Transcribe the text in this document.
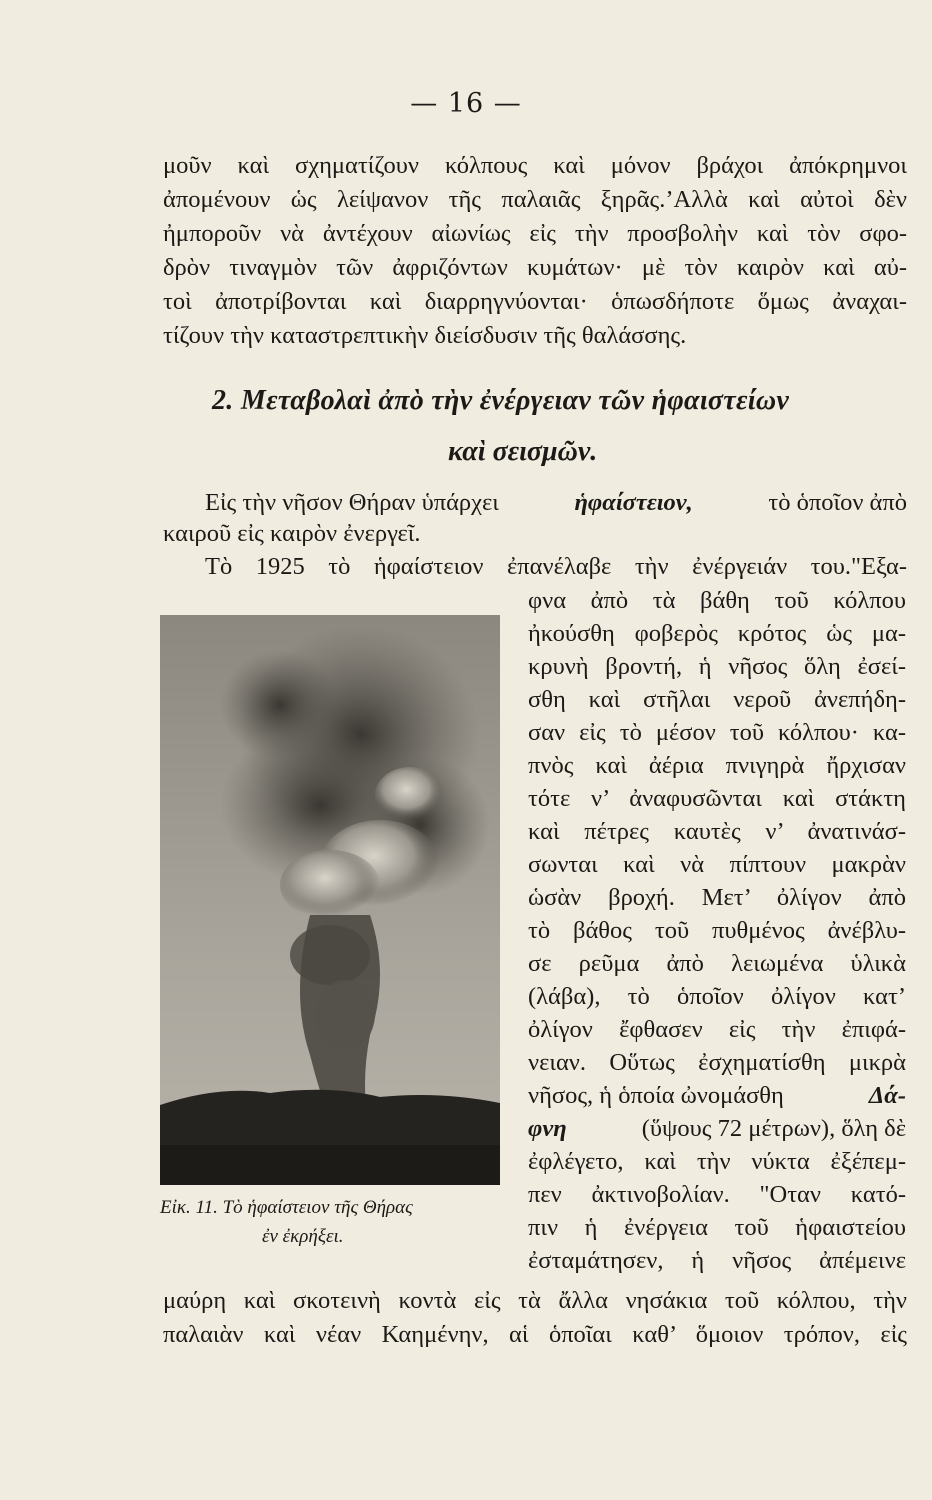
— 16 —
μοῦν καὶ σχηματίζουν κόλπους καὶ μόνον βράχοι ἀπόκρημνοι
ἀπομένουν ὡς λείψανον τῆς παλαιᾶς ξηρᾶς.’Αλλὰ καὶ αὐτοὶ δὲν
ἠμποροῦν νὰ ἀντέχουν αἰωνίως εἰς τὴν προσβολὴν καὶ τὸν σφο-
δρὸν τιναγμὸν τῶν ἀφριζόντων κυμάτων· μὲ τὸν καιρὸν καὶ αὐ-
τοὶ ἀποτρίβονται καὶ διαρρηγνύονται· ὁπωσδήποτε ὅμως ἀναχαι-
τίζουν τὴν καταστρεπτικὴν διείσδυσιν τῆς θαλάσσης.
2. Μεταβολαὶ ἀπὸ τὴν ἐνέργειαν τῶν ἡφαιστείων
καὶ σεισμῶν.
Εἰς τὴν νῆσον Θήραν ὑπάρχει	ἡφαίστειον,	τὸ ὁποῖον ἀπὸ
καιροῦ εἰς καιρὸν ἐνεργεῖ.
Τὸ 1925 τὸ ἡφαίστειον ἐπανέλαβε τὴν ἐνέργειάν του."Εξα-
φνα ἀπὸ τὰ βάθη τοῦ κόλπου
ἠκούσθη φοβερὸς κρότος ὡς μα-
κρυνὴ βροντή, ἡ νῆσος ὅλη ἐσεί-
σθη καὶ στῆλαι νεροῦ ἀνεπήδη-
σαν εἰς τὸ μέσον τοῦ κόλπου· κα-
πνὸς καὶ ἀέρια πνιγηρὰ ἤρχισαν
τότε ν’ ἀναφυσῶνται καὶ στάκτη
καὶ πέτρες καυτὲς ν’ ἀνατινάσ-
σωνται καὶ νὰ πίπτουν μακρὰν
ὡσὰν βροχή. Μετ’ ὀλίγον ἀπὸ
τὸ βάθος τοῦ πυθμένος ἀνέβλυ-
σε ρεῦμα ἀπὸ λειωμένα ὑλικὰ
(λάβα), τὸ ὁποῖον ὀλίγον κατ’
ὀλίγον ἔφθασεν εἰς τὴν ἐπιφά-
νειαν. Οὕτως ἐσχηματίσθη μικρὰ
νῆσος, ἡ ὁποία ὠνομάσθη	Δά-
φνη	(ὕψους 72 μέτρων), ὅλη δὲ
ἐφλέγετο, καὶ τὴν νύκτα ἐξέπεμ-
πεν ἀκτινοβολίαν. "Οταν κατό-
πιν ἡ ἐνέργεια τοῦ ἡφαιστείου
ἐσταμάτησεν, ἡ νῆσος ἀπέμεινε
μαύρη καὶ σκοτεινὴ κοντὰ εἰς τὰ ἄλλα νησάκια τοῦ κόλπου, τὴν
παλαιὰν καὶ νέαν Καημένην, αἱ ὁποῖαι καθ’ ὅμοιον τρόπον, εἰς
Εἰκ. 11. Τὸ ἡφαίστειον τῆς Θήρας
ἐν ἐκρήξει.
